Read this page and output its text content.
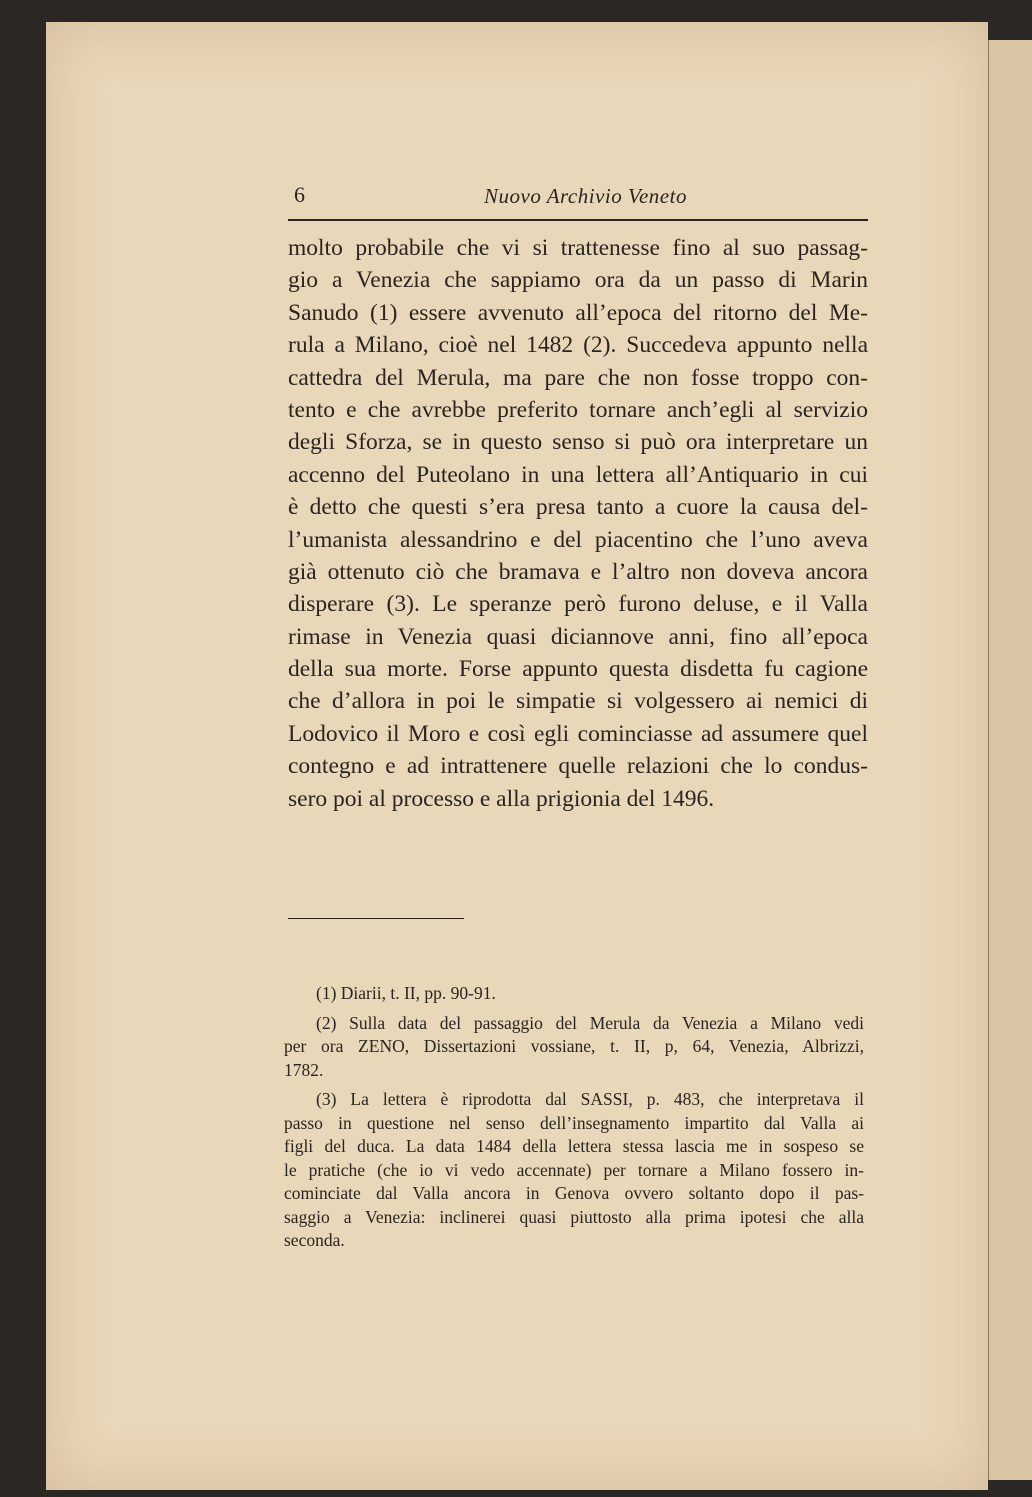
6	Nuovo Archivio Veneto
molto probabile che vi si trattenesse fino al suo passag-
gio a Venezia che sappiamo ora da un passo di Marin
Sanudo (1) essere avvenuto all’epoca del ritorno del Me-
rula a Milano, cioè nel 1482 (2). Succedeva appunto nella
cattedra del Merula, ma pare che non fosse troppo con-
tento e che avrebbe preferito tornare anch’egli al servizio
degli Sforza, se in questo senso si può ora interpretare un
accenno del Puteolano in una lettera all’Antiquario in cui
è detto che questi s’era presa tanto a cuore la causa del-
l’umanista alessandrino e del piacentino che l’uno aveva
già ottenuto ciò che bramava e l’altro non doveva ancora
disperare (3). Le speranze però furono deluse, e il Valla
rimase in Venezia quasi diciannove anni, fino all’epoca
della sua morte. Forse appunto questa disdetta fu cagione
che d’allora in poi le simpatie si volgessero ai nemici di
Lodovico il Moro e così egli cominciasse ad assumere quel
contegno e ad intrattenere quelle relazioni che lo condus-
sero poi al processo e alla prigionia del 1496.
(1) Diarii, t. II, pp. 90-91.
(2) Sulla data del passaggio del Merula da Venezia a Milano vedi
per ora ZENO, Dissertazioni vossiane, t. II, p, 64, Venezia, Albrizzi,
1782.
(3) La lettera è riprodotta dal SASSI, p. 483, che interpretava il
passo in questione nel senso dell’insegnamento impartito dal Valla ai
figli del duca. La data 1484 della lettera stessa lascia me in sospeso se
le pratiche (che io vi vedo accennate) per tornare a Milano fossero in-
cominciate dal Valla ancora in Genova ovvero soltanto dopo il pas-
saggio a Venezia: inclinerei quasi piuttosto alla prima ipotesi che alla
seconda.
